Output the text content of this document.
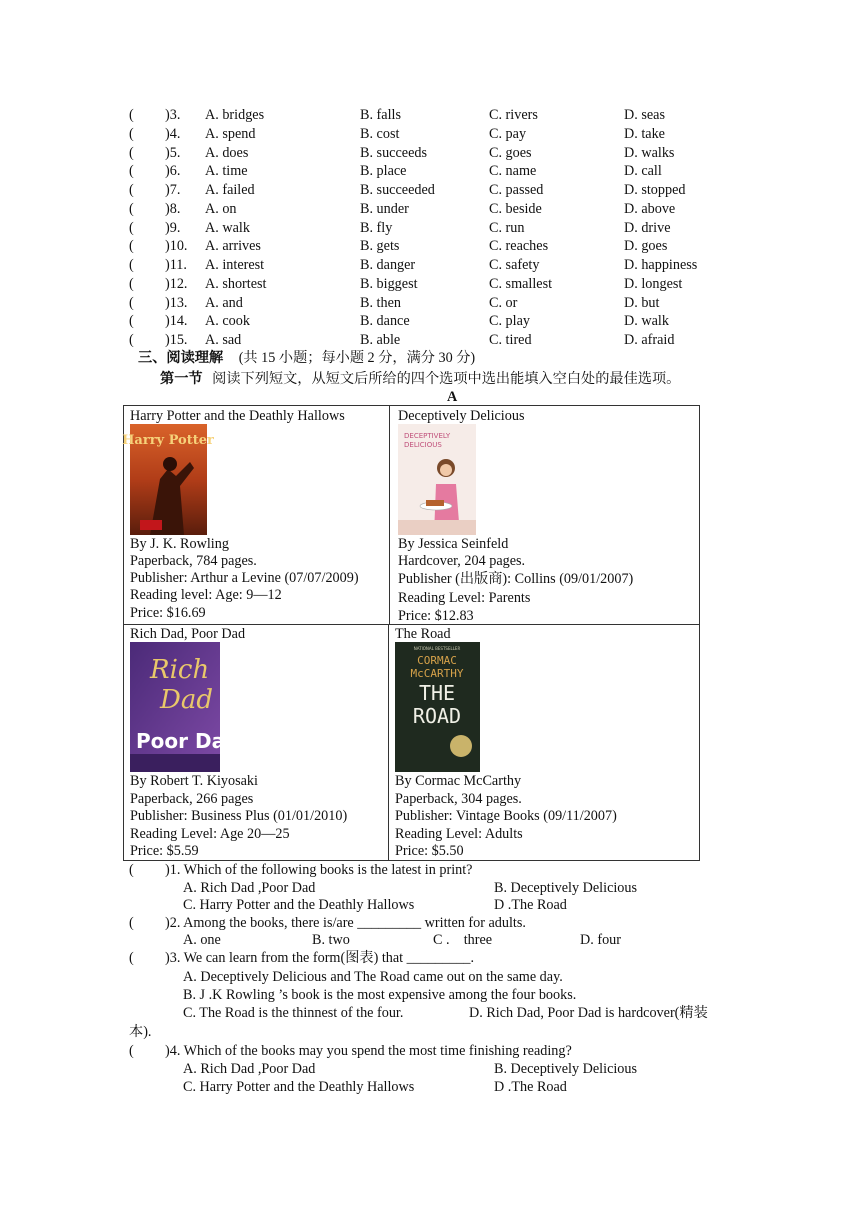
( )3. A. bridges	B. falls	C. rivers	D. seas
( )4. A. spend	B. cost	C. pay	D. take
( )5. A. does	B. succeeds	C. goes	D. walks
( )6. A. time	B. place	C. name	D. call
( )7. A. failed	B. succeeded	C. passed	D. stopped
( )8. A. on	B. under	C. beside	D. above
( )9. A. walk	B. fly	C. run	D. drive
( )10. A. arrives	B. gets	C. reaches	D. goes
( )11. A. interest	B. danger	C. safety	D. happiness
( )12. A. shortest	B. biggest	C. smallest	D. longest
( )13. A. and	B. then	C. or	D. but
( )14. A. cook	B. dance	C. play	D. walk
( )15. A. sad	B. able	C. tired	D. afraid
三、阅读理解 (共 15 小题；每小题 2 分，满分 30 分)
第一节 阅读下列短文，从短文后所给的四个选项中选出能填入空白处的最佳选项。
A
Harry Potter and the Deathly Hallows
Harry Potter
By J. K. Rowling
Paperback, 784 pages.
Publisher: Arthur a Levine (07/07/2009)
Reading level: Age: 9—12
Price: $16.69
Deceptively Delicious
DECEPTIVELY
DELICIOUS
By Jessica Seinfeld
Hardcover, 204 pages.
Publisher (出版商): Collins (09/01/2007)
Reading Level: Parents
Price: $12.83
Rich Dad, Poor Dad
Rich
Dad
Poor Dad
By Robert T. Kiyosaki
Paperback, 266 pages
Publisher: Business Plus (01/01/2010)
Reading Level: Age 20—25
Price: $5.59
The Road
NATIONAL BESTSELLER
CORMAC
McCARTHY
THE
ROAD
By Cormac McCarthy
Paperback, 304 pages.
Publisher: Vintage Books (09/11/2007)
Reading Level: Adults
Price: $5.50
( )1. Which of the following books is the latest in print?
A. Rich Dad ,Poor Dad	B. Deceptively Delicious
C. Harry Potter and the Deathly Hallows	D .The Road
( )2. Among the books, there is/are _________ written for adults.
A. one	B. two	C .    three	D. four
( )3. We can learn from the form(图表) that _________.
A. Deceptively Delicious and The Road came out on the same day.
B. J .K Rowling ’s book is the most expensive among the four books.
C. The Road is the thinnest of the four.	D. Rich Dad, Poor Dad is hardcover(精装
本).
( )4. Which of the books may you spend the most time finishing reading?
A. Rich Dad ,Poor Dad	B. Deceptively Delicious
C. Harry Potter and the Deathly Hallows	D .The Road
